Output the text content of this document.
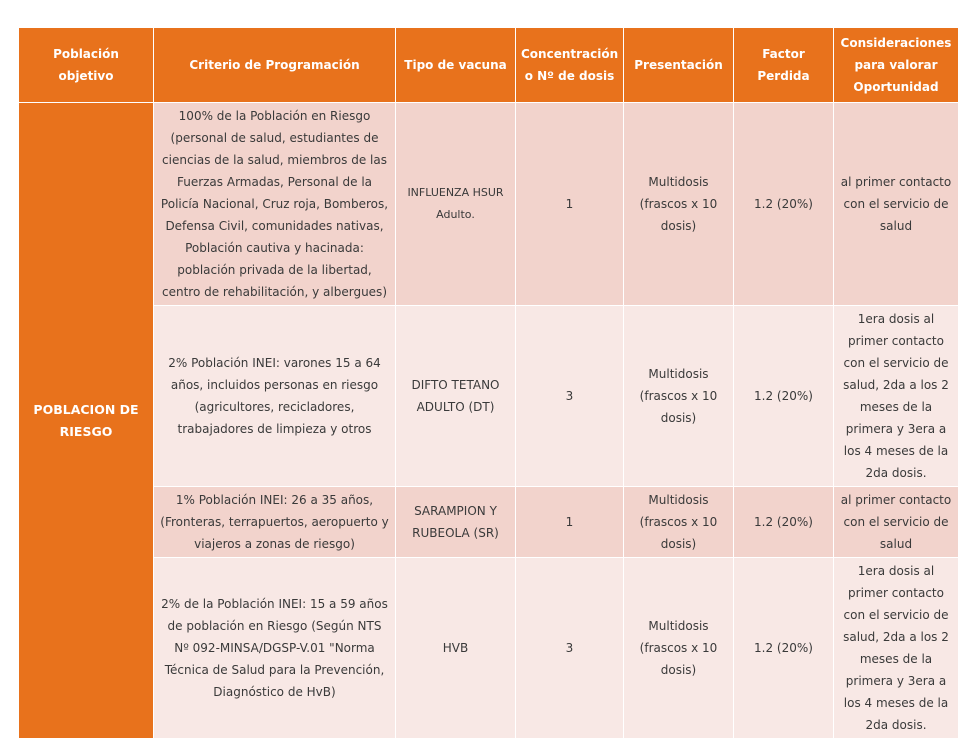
Población objetivo	Criterio de Programación	Tipo de vacuna	Concentración o Nº de dosis	Presentación	Factor Perdida	Consideraciones para valorar Oportunidad
POBLACION DE RIESGO	100% de la Población en Riesgo (personal de salud, estudiantes de ciencias de la salud, miembros de las Fuerzas Armadas, Personal de la Policía Nacional, Cruz roja, Bomberos, Defensa Civil, comunidades nativas, Población cautiva y hacinada: población privada de la libertad, centro de rehabilitación, y albergues)	INFLUENZA HSUR Adulto.	1	Multidosis (frascos x 10 dosis)	1.2 (20%)	al primer contacto con el servicio de salud
	2% Población INEI: varones 15 a 64 años, incluidos personas en riesgo (agricultores, recicladores, trabajadores de limpieza y otros	DIFTO TETANO ADULTO (DT)	3	Multidosis (frascos x 10 dosis)	1.2 (20%)	1era dosis al primer contacto con el servicio de salud, 2da a los 2 meses de la primera y 3era a los 4 meses de la 2da dosis.
	1% Población INEI: 26 a 35 años, (Fronteras, terrapuertos, aeropuerto y viajeros a zonas de riesgo)	SARAMPION Y RUBEOLA (SR)	1	Multidosis (frascos x 10 dosis)	1.2 (20%)	al primer contacto con el servicio de salud
	2% de la Población INEI: 15 a 59 años de población en Riesgo (Según NTS Nº 092-MINSA/DGSP-V.01 "Norma Técnica de Salud para la Prevención, Diagnóstico de HvB)	HVB	3	Multidosis (frascos x 10 dosis)	1.2 (20%)	1era dosis al primer contacto con el servicio de salud, 2da a los 2 meses de la primera y 3era a los 4 meses de la 2da dosis.
